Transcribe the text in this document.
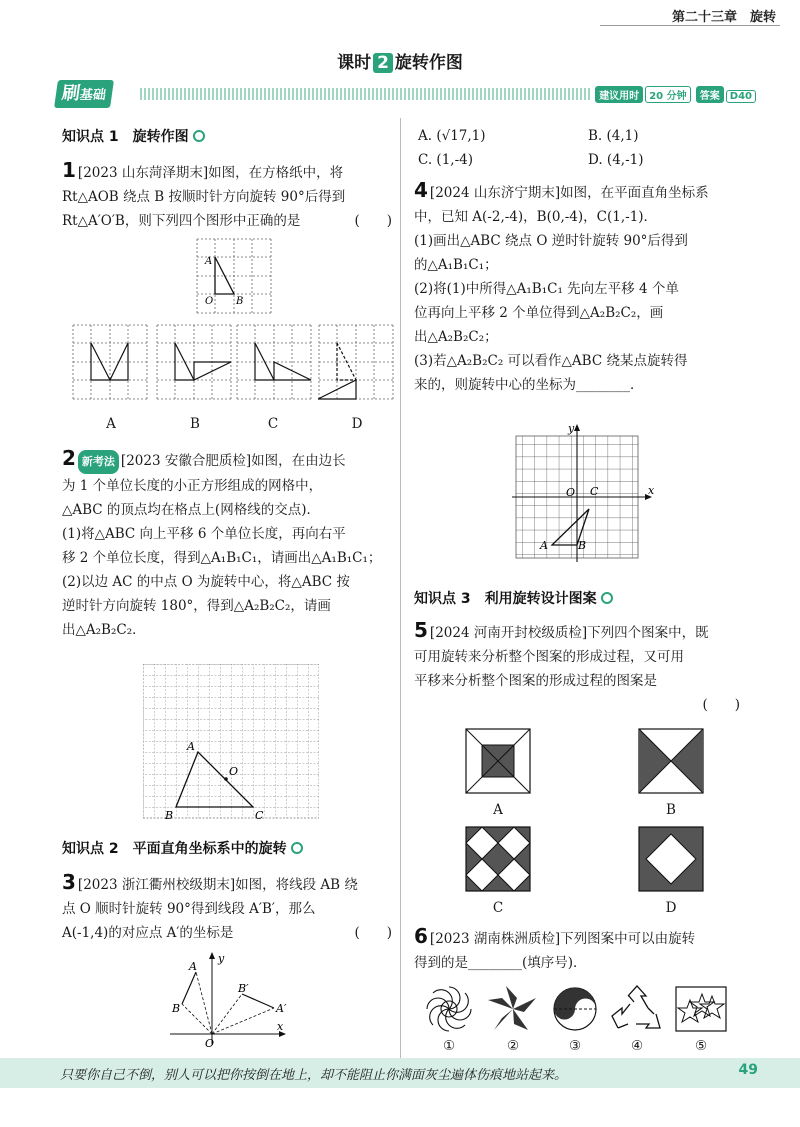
第二十三章　旋转
课时 2 旋转作图
刷基础	建议用时 20 分钟 答案 D40
知识点 1　旋转作图
1 [2023 山东菏泽期末]如图，在方格纸中，将
Rt△AOB 绕点 B 按顺时针方向旋转 90°后得到
Rt△A′O′B，则下列四个图形中正确的是	(　　)
A
O B
A	B	C	D
2 新考法 [2023 安徽合肥质检]如图，在由边长
为 1 个单位长度的小正方形组成的网格中，
△ABC 的顶点均在格点上(网格线的交点)．
(1)将△ABC 向上平移 6 个单位长度，再向右平
移 2 个单位长度，得到△A₁B₁C₁，请画出△A₁B₁C₁；
(2)以边 AC 的中点 O 为旋转中心，将△ABC 按
逆时针方向旋转 180°，得到△A₂B₂C₂，请画
出△A₂B₂C₂．
A
B	C
O
知识点 2　平面直角坐标系中的旋转
3 [2023 浙江衢州校级期末]如图，将线段 AB 绕
点 O 顺时针旋转 90°得到线段 A′B′，那么
A(-1,4)的对应点 A′的坐标是	(　　)
A
B
B′
A′
O
y
x
A. (√17,1)	B. (4,1)
C. (1,-4)	D. (4,-1)
4 [2024 山东济宁期末]如图，在平面直角坐标系
中，已知 A(-2,-4)，B(0,-4)，C(1,-1)．
(1)画出△ABC 绕点 O 逆时针旋转 90°后得到
的△A₁B₁C₁；
(2)将(1)中所得△A₁B₁C₁ 先向左平移 4 个单
位再向上平移 2 个单位得到△A₂B₂C₂，画
出△A₂B₂C₂；
(3)若△A₂B₂C₂ 可以看作△ABC 绕某点旋转得
来的，则旋转中心的坐标为________．
y
x
O C
A	B
知识点 3　利用旋转设计图案
5 [2024 河南开封校级质检]下列四个图案中，既
可用旋转来分析整个图案的形成过程，又可用
平移来分析整个图案的形成过程的图案是
(　　)
A	B
C	D
6 [2023 湖南株洲质检]下列图案中可以由旋转
得到的是________(填序号)．
①	②	③	④	⑤
只要你自己不倒，别人可以把你按倒在地上，却不能阻止你满面灰尘遍体伤痕地站起来。	49
